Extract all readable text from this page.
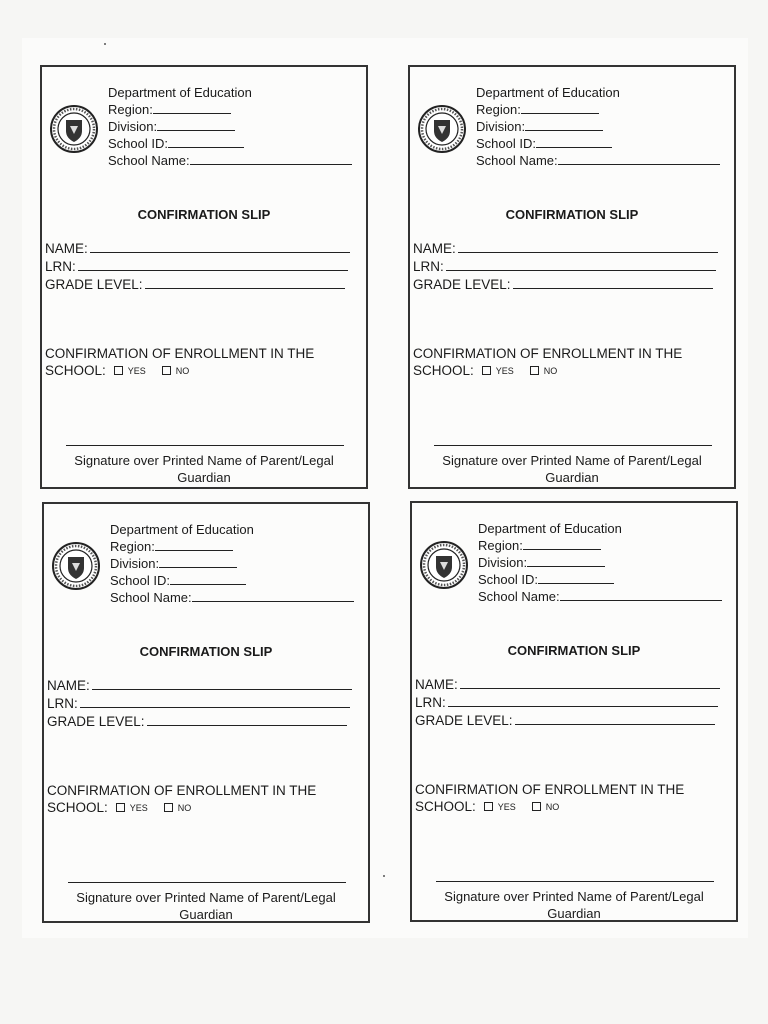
Department of Education
Region:
Division:
School ID:
School Name:
CONFIRMATION SLIP
NAME:
LRN:
GRADE LEVEL:
CONFIRMATION OF ENROLLMENT IN THE
SCHOOL: YES	NO
Signature over Printed Name of Parent/Legal
Guardian
Department of Education
Region:
Division:
School ID:
School Name:
CONFIRMATION SLIP
NAME:
LRN:
GRADE LEVEL:
CONFIRMATION OF ENROLLMENT IN THE
SCHOOL: YES	NO
Signature over Printed Name of Parent/Legal
Guardian
Department of Education
Region:
Division:
School ID:
School Name:
CONFIRMATION SLIP
NAME:
LRN:
GRADE LEVEL:
CONFIRMATION OF ENROLLMENT IN THE
SCHOOL: YES	NO
Signature over Printed Name of Parent/Legal
Guardian
Department of Education
Region:
Division:
School ID:
School Name:
CONFIRMATION SLIP
NAME:
LRN:
GRADE LEVEL:
CONFIRMATION OF ENROLLMENT IN THE
SCHOOL: YES	NO
Signature over Printed Name of Parent/Legal
Guardian
